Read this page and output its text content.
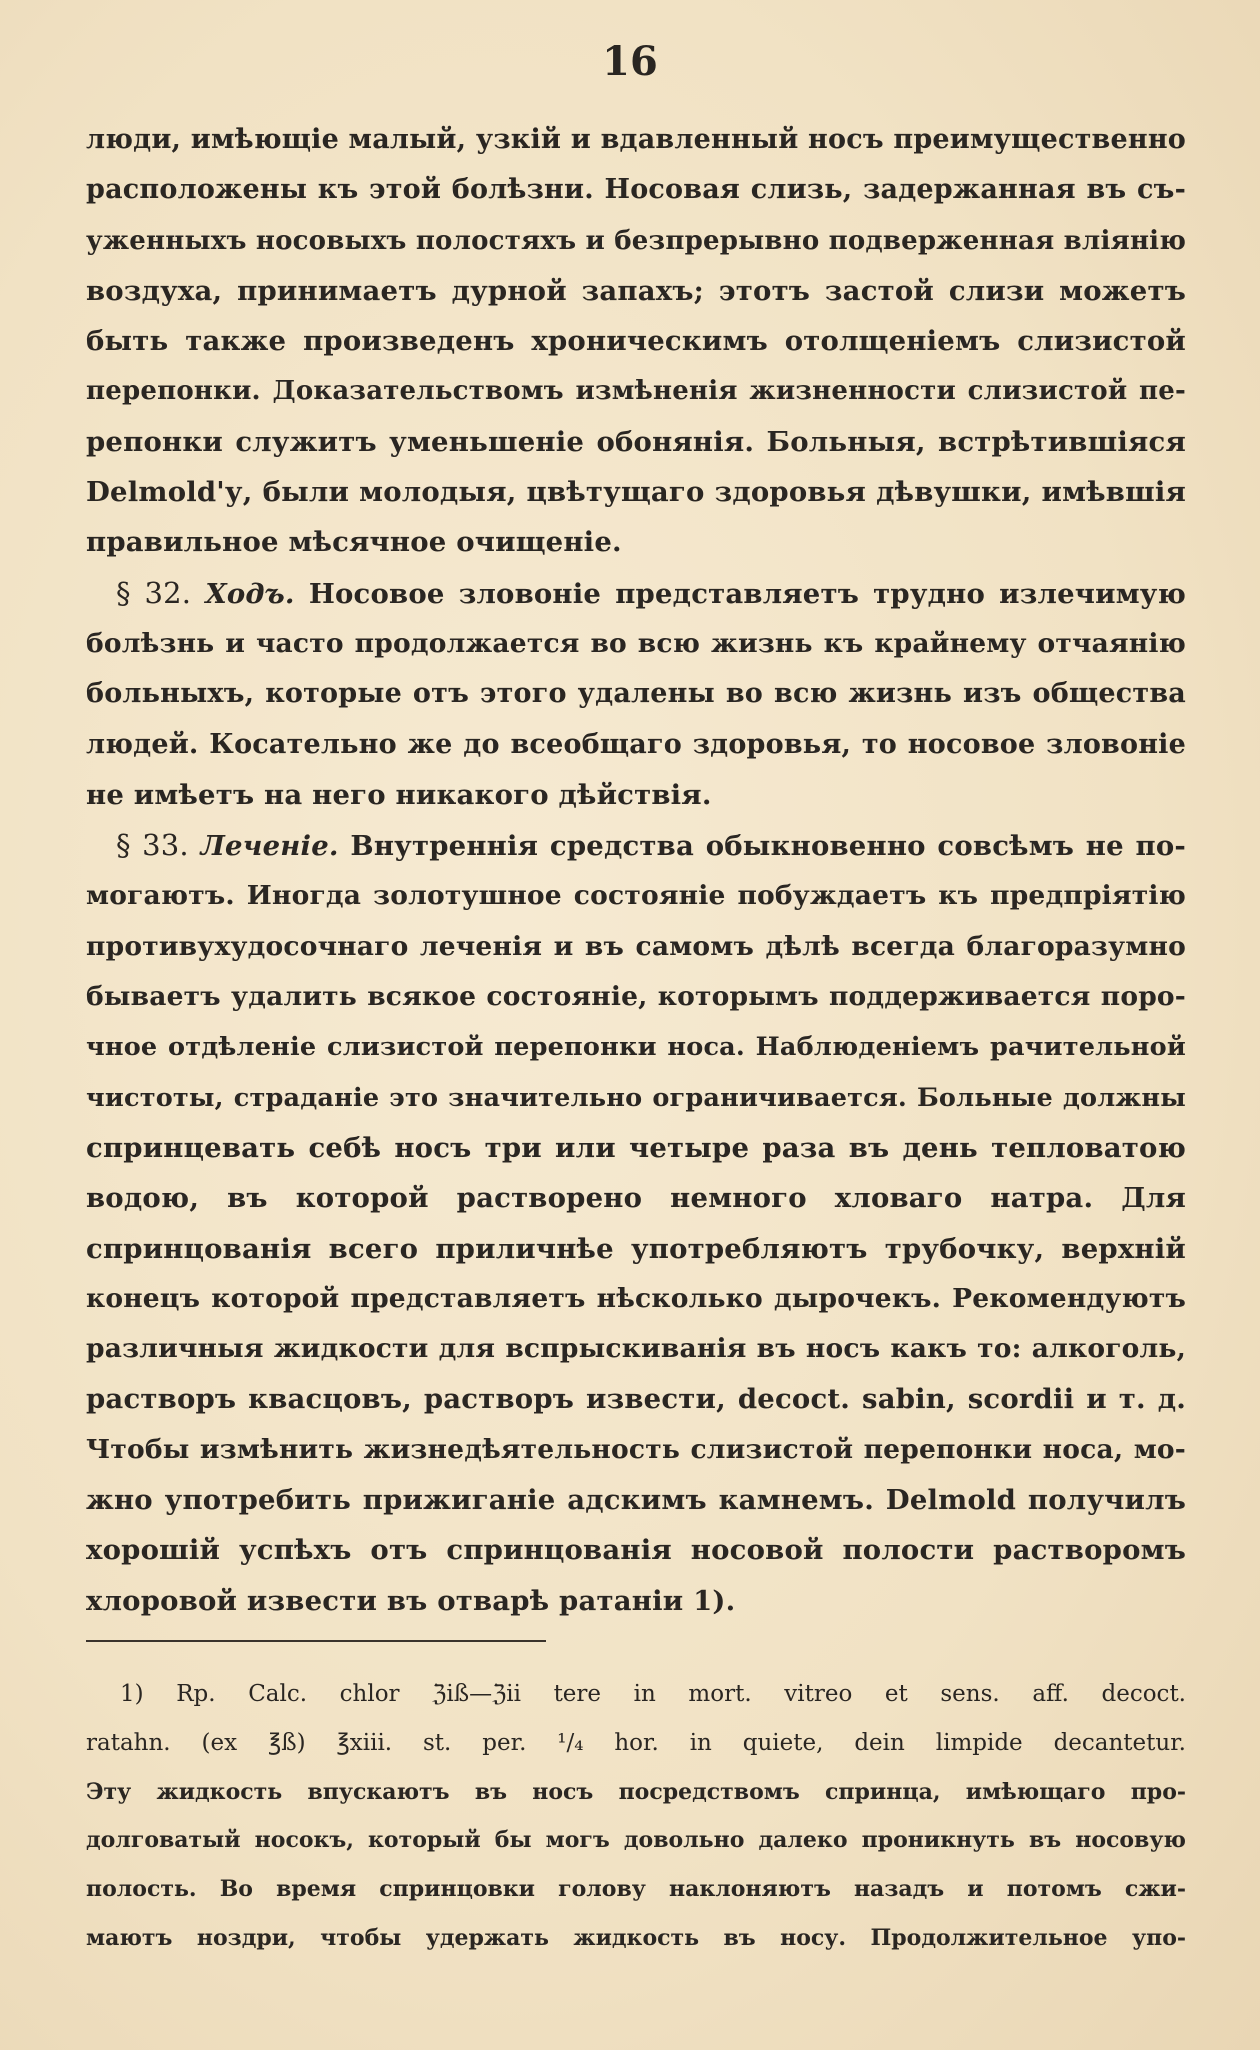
16
люди, имѣющіе малый, узкій и вдавленный носъ преимущественно
расположены къ этой болѣзни. Носовая слизь, задержанная въ съ-
уженныхъ носовыхъ полостяхъ и безпрерывно подверженная вліянію
воздуха, принимаетъ дурной запахъ; этотъ застой слизи можетъ
быть также произведенъ хроническимъ отолщеніемъ слизистой
перепонки. Доказательствомъ измѣненія жизненности слизистой пе-
репонки служитъ уменьшеніе обонянія. Больныя, встрѣтившіяся
Delmold'у, были молодыя, цвѣтущаго здоровья дѣвушки, имѣвшія
правильное мѣсячное очищеніе.
§ 32. Ходъ. Носовое зловоніе представляетъ трудно излечимую
болѣзнь и часто продолжается во всю жизнь къ крайнему отчаянію
больныхъ, которые отъ этого удалены во всю жизнь изъ общества
людей. Косательно же до всеобщаго здоровья, то носовое зловоніе
не имѣетъ на него никакого дѣйствія.
§ 33. Леченіе. Внутреннія средства обыкновенно совсѣмъ не по-
могаютъ. Иногда золотушное состояніе побуждаетъ къ предпріятію
противухудосочнаго леченія и въ самомъ дѣлѣ всегда благоразумно
бываетъ удалить всякое состояніе, которымъ поддерживается поро-
чное отдѣленіе слизистой перепонки носа. Наблюденіемъ рачительной
чистоты, страданіе это значительно ограничивается. Больные должны
спринцевать себѣ носъ три или четыре раза въ день тепловатою
водою, въ которой растворено немного хловаго натра. Для
спринцованія всего приличнѣе употребляютъ трубочку, верхній
конецъ которой представляетъ нѣсколько дырочекъ. Рекомендуютъ
различныя жидкости для вспрыскиванія въ носъ какъ то: алкоголь,
растворъ квасцовъ, растворъ извести, decoct. sabin, scordii и т. д.
Чтобы измѣнить жизнедѣятельность слизистой перепонки носа, мо-
жно употребить прижиганіе адскимъ камнемъ. Delmold получилъ
хорошій успѣхъ отъ спринцованія носовой полости растворомъ
хлоровой извести въ отварѣ ратаніи 1).
1) Rp. Calc. chlor ℨiß—ℨii tere in mort. vitreo et sens. aff. decoct.
ratahn. (ex ℥ß) ℥xiii. st. per. ¹/₄ hor. in quiete, dein limpide decantetur.
Эту жидкость впускаютъ въ носъ посредствомъ спринца, имѣющаго про-
долговатый носокъ, который бы могъ довольно далеко проникнуть въ носовую
полость. Во время спринцовки голову наклоняютъ назадъ и потомъ сжи-
маютъ ноздри, чтобы удержать жидкость въ носу. Продолжительное упо-
